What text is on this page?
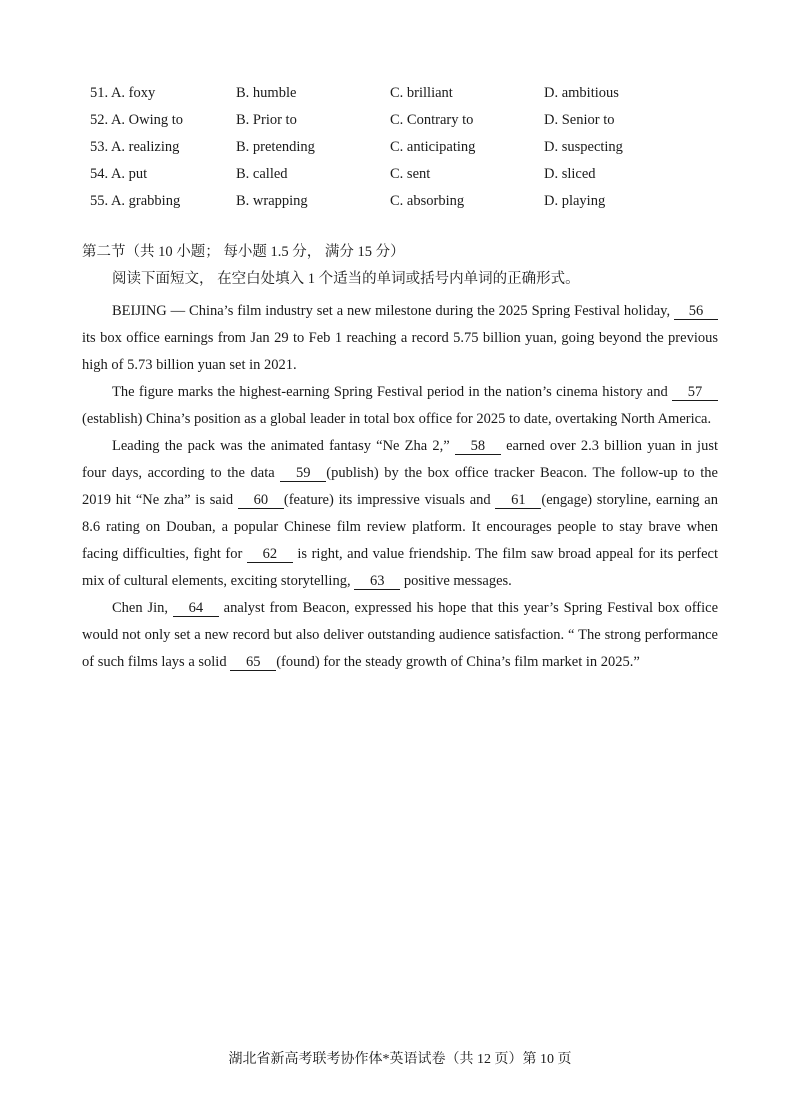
51. A. foxy	B. humble	C. brilliant	D. ambitious
52. A. Owing to	B. Prior to	C. Contrary to	D. Senior to
53. A. realizing	B. pretending	C. anticipating	D. suspecting
54. A. put	B. called	C. sent	D. sliced
55. A. grabbing	B. wrapping	C. absorbing	D. playing
第二节（共 10 小题； 每小题 1.5 分， 满分 15 分）
阅读下面短文， 在空白处填入 1 个适当的单词或括号内单词的正确形式。

BEIJING — China’s film industry set a new milestone during the 2025 Spring Festival holiday, 56 its box office earnings from Jan 29 to Feb 1 reaching a record 5.75 billion yuan, going beyond the previous high of 5.73 billion yuan set in 2021.

The figure marks the highest-earning Spring Festival period in the nation’s cinema history and 57 (establish) China’s position as a global leader in total box office for 2025 to date, overtaking North America.

Leading the pack was the animated fantasy “Ne Zha 2,” 58 earned over 2.3 billion yuan in just four days, according to the data 59 (publish) by the box office tracker Beacon. The follow-up to the 2019 hit “Ne zha” is said 60 (feature) its impressive visuals and 61 (engage) storyline, earning an 8.6 rating on Douban, a popular Chinese film review platform. It encourages people to stay brave when facing difficulties, fight for 62 is right, and value friendship. The film saw broad appeal for its perfect mix of cultural elements, exciting storytelling, 63 positive messages.

Chen Jin, 64 analyst from Beacon, expressed his hope that this year’s Spring Festival box office would not only set a new record but also deliver outstanding audience satisfaction. “ The strong performance of such films lays a solid 65 (found) for the steady growth of China’s film market in 2025.”

湖北省新高考联考协作体*英语试卷（共 12 页）第 10 页
